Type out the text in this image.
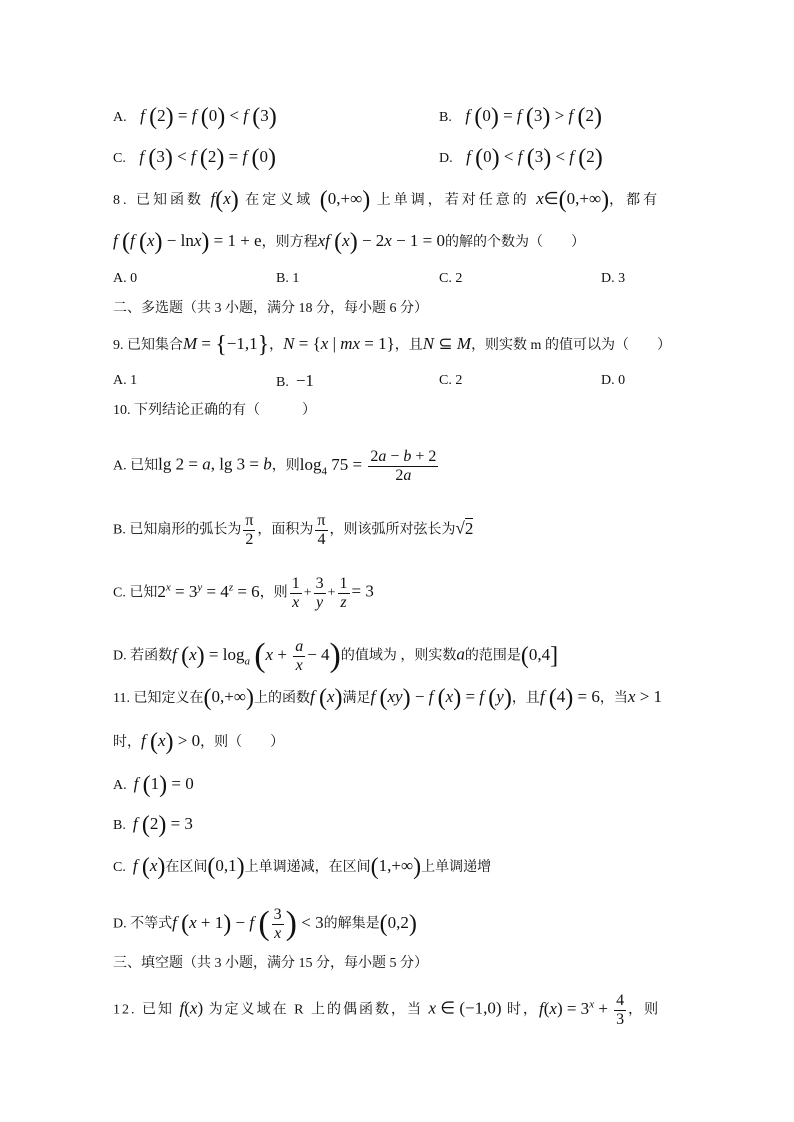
A. f (2) = f (0) < f (3)	B. f (0) = f (3) > f (2)
C. f (3) < f (2) = f (0)	D. f (0) < f (3) < f (2)
8. 已知函数 f(x) 在定义域 (0,+∞) 上单调，若对任意的 x∈(0,+∞)，都有
f (f (x) − lnx) = 1 + e，则方程xf (x) − 2x − 1 = 0的解的个数为（　　）
A. 0	B. 1	C. 2	D. 3
二、多选题（共 3 小题，满分 18 分，每小题 6 分）
9. 已知集合M = {−1,1}，N = {x | mx = 1}，且N ⊆ M，则实数 m 的值可以为（　　）
A. 1	B. −1	C. 2	D. 0
10. 下列结论正确的有（　　　）
A. 已知lg 2 = a, lg 3 = b，则$\log_4 75 = \frac{2a - b + 2}{2a}$
B. 已知扇形的弧长为 $\frac{\pi}{2}$ ，面积为 $\frac{\pi}{4}$ ，则该弧所对弦长为√2
C. 已知$2^x = 3^y = 4^z = 6$，则 $\frac{1}{x} + \frac{3}{y} + \frac{1}{z} = 3$
D. 若函数f $(x) = \log_a (x + \frac{a}{x} - 4)$的值域为 ，则实数a的范围是(0,4]
11. 已知定义在(0,+∞)上的函数f (x)满足f (xy) − f (x) = f (y)，且f (4) = 6，当x > 1
时，f (x) > 0，则（　　）
A. f (1) = 0
B. f (2) = 3
C. f (x)在区间(0,1)上单调递减，在区间(1,+∞)上单调递增
D. 不等式f (x + 1) − f ( $\frac{3}{x}$ ) < 3的解集是(0,2)
三、填空题（共 3 小题，满分 15 分，每小题 5 分）
12. 已知 f(x) 为定义域在 R 上的偶函数，当 x ∈ (−1,0) 时，$f(x) = 3^x + \frac{4}{3}$ ，则
